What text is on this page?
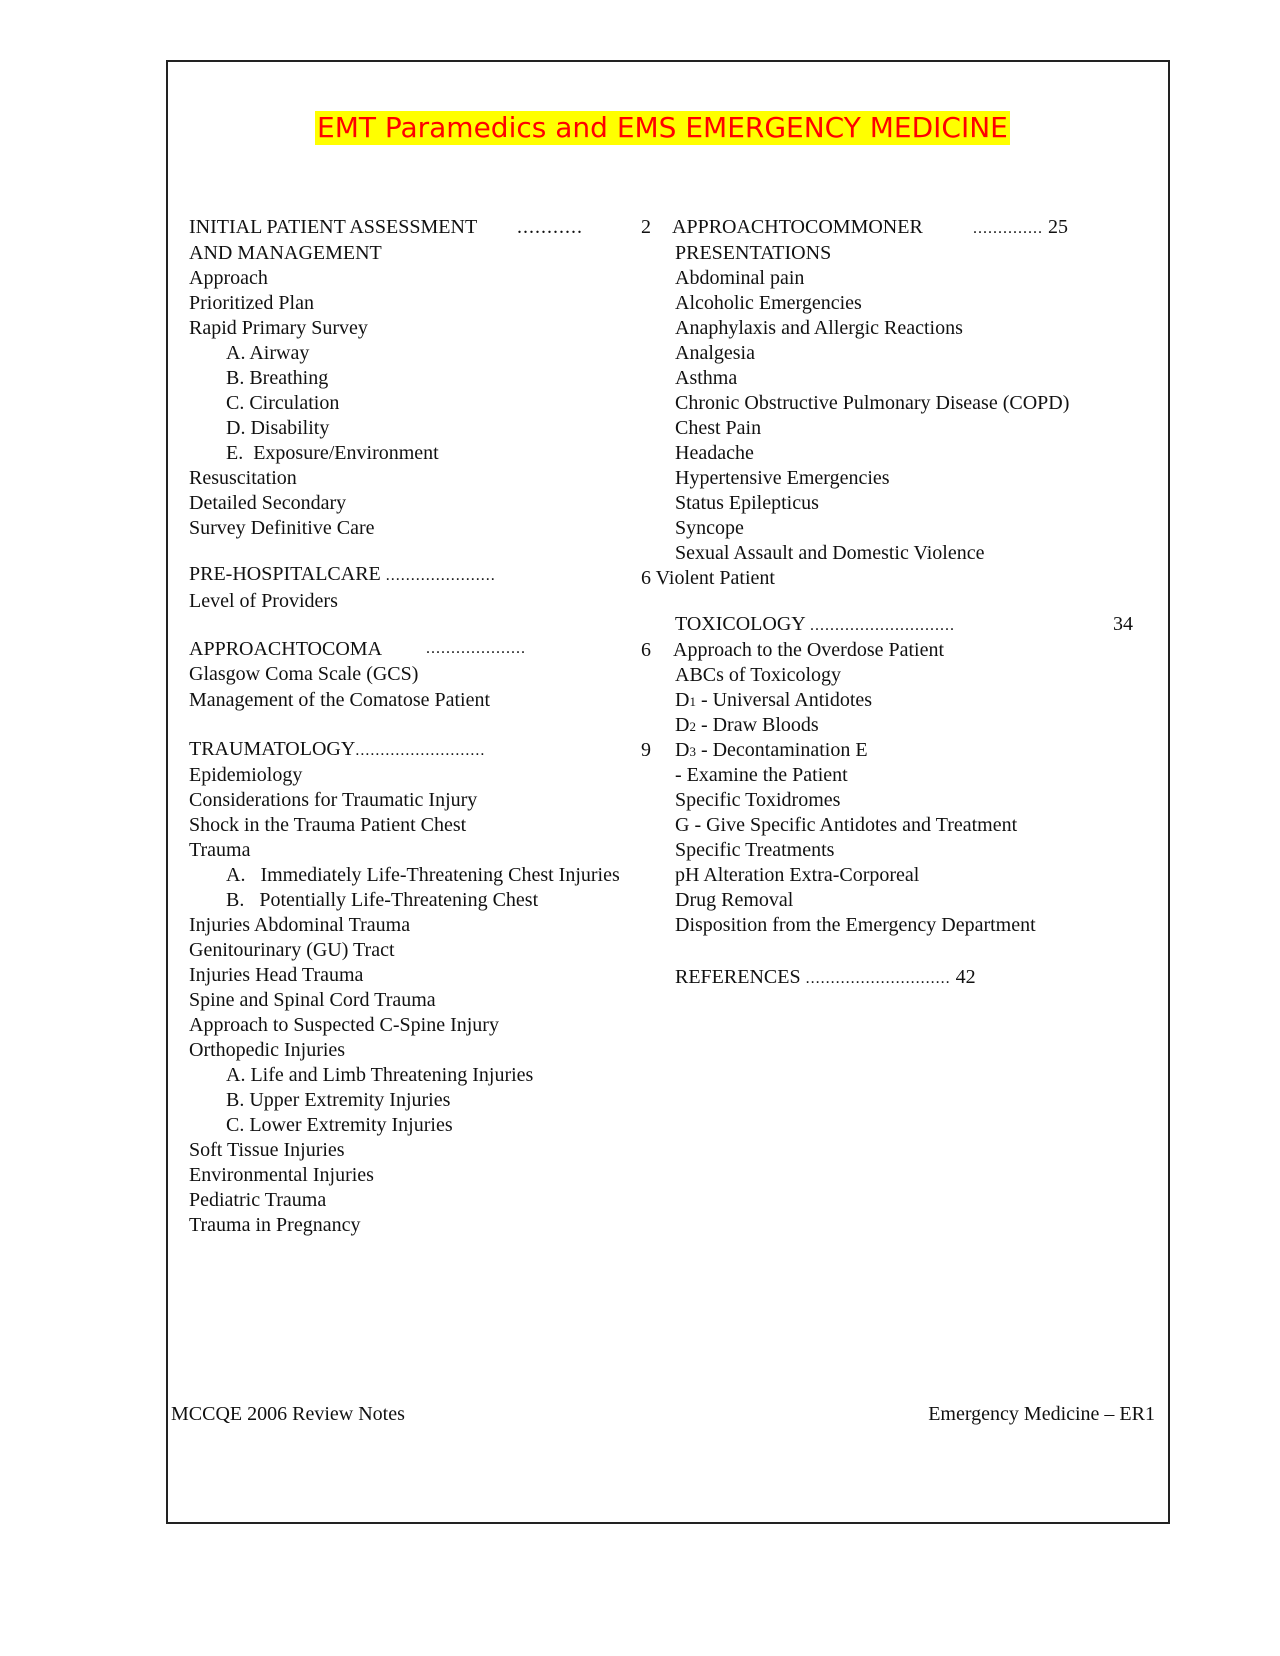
EMT Paramedics and EMS EMERGENCY MEDICINE
INITIAL PATIENT ASSESSMENT ...........
AND MANAGEMENT
Approach
Prioritized Plan
Rapid Primary Survey
A. Airway
B. Breathing
C. Circulation
D. Disability
E.  Exposure/Environment
Resuscitation
Detailed Secondary
Survey Definitive Care
PRE-HOSPITALCARE ......................
Level of Providers
APPROACHTOCOMA	....................
Glasgow Coma Scale (GCS)
Management of the Comatose Patient
TRAUMATOLOGY..........................
Epidemiology
Considerations for Traumatic Injury
Shock in the Trauma Patient Chest
Trauma
A.   Immediately Life-Threatening Chest Injuries
B.   Potentially Life-Threatening Chest
Injuries Abdominal Trauma
Genitourinary (GU) Tract
Injuries Head Trauma
Spine and Spinal Cord Trauma
Approach to Suspected C-Spine Injury
Orthopedic Injuries
A. Life and Limb Threatening Injuries
B. Upper Extremity Injuries
C. Lower Extremity Injuries
Soft Tissue Injuries
Environmental Injuries
Pediatric Trauma
Trauma in Pregnancy
2 APPROACHTOCOMMONER	.............. 25
PRESENTATIONS
Abdominal pain
Alcoholic Emergencies
Anaphylaxis and Allergic Reactions
Analgesia
Asthma
Chronic Obstructive Pulmonary Disease (COPD)
Chest Pain
Headache
Hypertensive Emergencies
Status Epilepticus
Syncope
Sexual Assault and Domestic Violence
6 Violent Patient
TOXICOLOGY .............................	34
6 Approach to the Overdose Patient
ABCs of Toxicology
D1 - Universal Antidotes
D2 - Draw Bloods
9 D3 - Decontamination E
- Examine the Patient
Specific Toxidromes
G - Give Specific Antidotes and Treatment
Specific Treatments
pH Alteration Extra-Corporeal
Drug Removal
Disposition from the Emergency Department
REFERENCES ............................. 42
MCCQE 2006 Review Notes	Emergency Medicine – ER1
